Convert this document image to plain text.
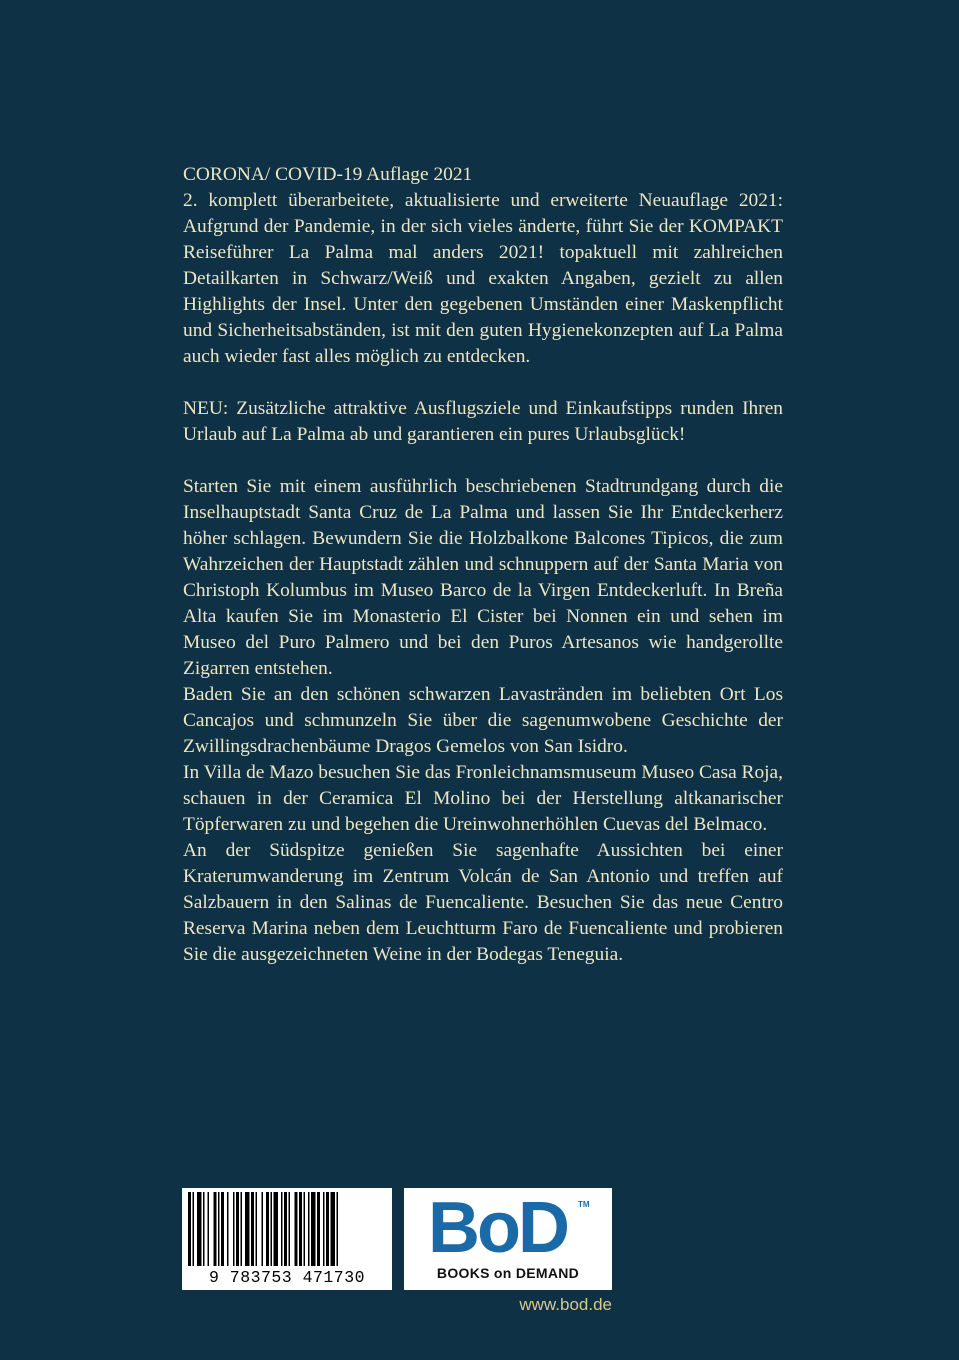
CORONA/ COVID-19 Auflage 2021

2. komplett überarbeitete, aktualisierte und erweiterte Neuauflage 2021: Aufgrund der Pandemie, in der sich vieles änderte, führt Sie der KOMPAKT Reiseführer La Palma mal anders 2021! topaktuell mit zahlreichen Detailkarten in Schwarz/Weiß und exakten Angaben, gezielt zu allen Highlights der Insel. Unter den gegebenen Umständen einer Maskenpflicht und Sicherheitsabständen, ist mit den guten Hygienekonzepten auf La Palma auch wieder fast alles möglich zu entdecken.

NEU: Zusätzliche attraktive Ausflugsziele und Einkaufstipps runden Ihren Urlaub auf La Palma ab und garantieren ein pures Urlaubsglück!

Starten Sie mit einem ausführlich beschriebenen Stadtrundgang durch die Inselhauptstadt Santa Cruz de La Palma und lassen Sie Ihr Entdeckerherz höher schlagen. Bewundern Sie die Holzbalkone Balcones Tipicos, die zum Wahrzeichen der Hauptstadt zählen und schnuppern auf der Santa Maria von Christoph Kolumbus im Museo Barco de la Virgen Entdeckerluft. In Breña Alta kaufen Sie im Monasterio El Cister bei Nonnen ein und sehen im Museo del Puro Palmero und bei den Puros Artesanos wie handgerollte Zigarren entstehen.

Baden Sie an den schönen schwarzen Lavastränden im beliebten Ort Los Cancajos und schmunzeln Sie über die sagenumwobene Geschichte der Zwillingsdrachenbäume Dragos Gemelos von San Isidro.

In Villa de Mazo besuchen Sie das Fronleichnamsmuseum Museo Casa Roja, schauen in der Ceramica El Molino bei der Herstellung altkanarischer Töpferwaren zu und begehen die Ureinwohnerhöhlen Cuevas del Belmaco.

An der Südspitze genießen Sie sagenhafte Aussichten bei einer Kraterumwanderung im Zentrum Volcán de San Antonio und treffen auf Salzbauern in den Salinas de Fuencaliente. Besuchen Sie das neue Centro Reserva Marina neben dem Leuchtturm Faro de Fuencaliente und probieren Sie die ausgezeichneten Weine in der Bodegas Teneguia.

9 783753 471730
BoD	TM
BOOKS on DEMAND
www.bod.de
